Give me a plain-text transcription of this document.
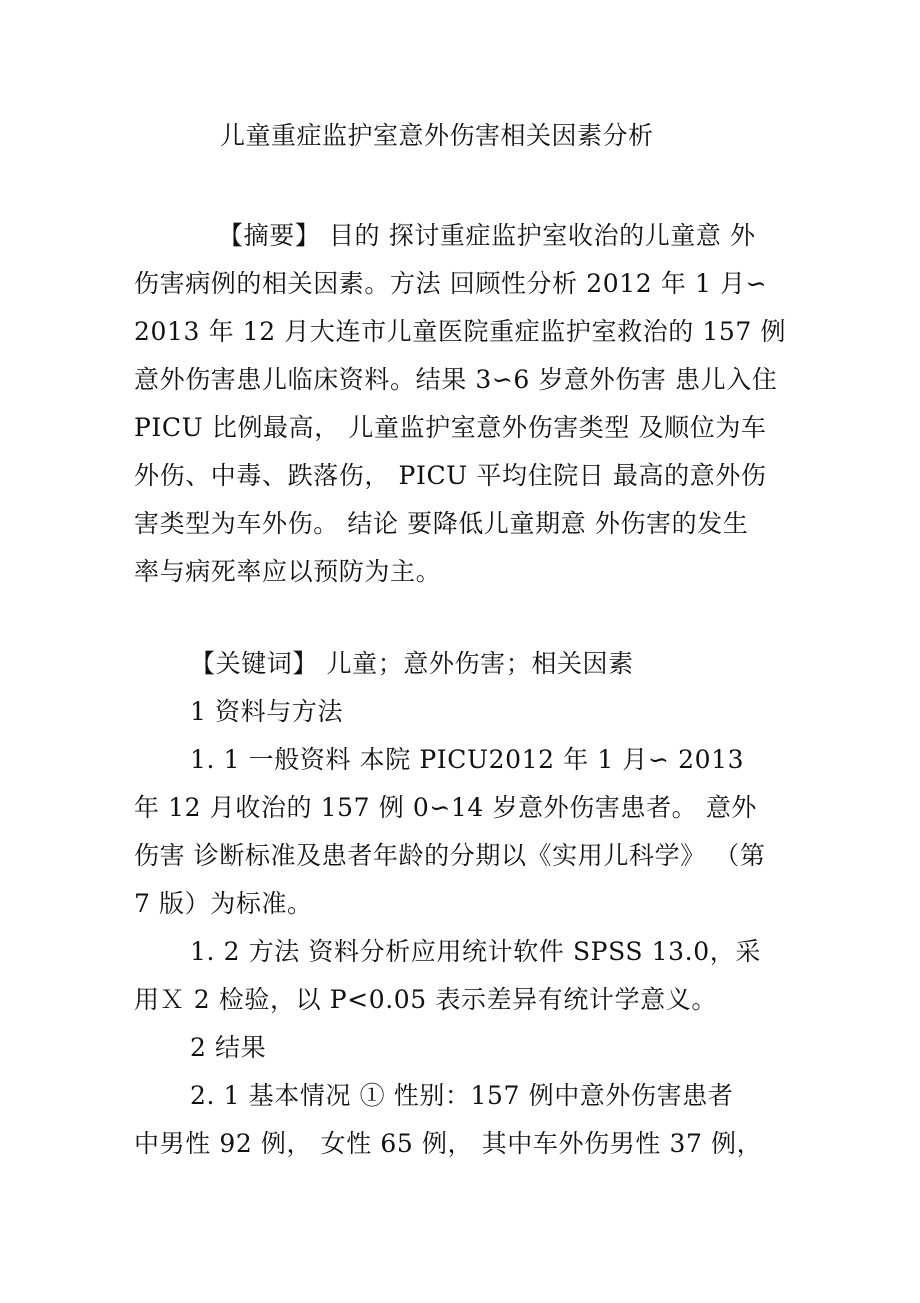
儿童重症监护室意外伤害相关因素分析
【摘要】 目的 探讨重症监护室收治的儿童意 外
伤害病例的相关因素。方法 回顾性分析 2012 年 1 月∽
2013 年 12 月大连市儿童医院重症监护室救治的 157 例
意外伤害患儿临床资料。结果 3∽6 岁意外伤害 患儿入住
PICU 比例最高， 儿童监护室意外伤害类型 及顺位为车
外伤、中毒、跌落伤， PICU 平均住院日 最高的意外伤
害类型为车外伤。 结论 要降低儿童期意 外伤害的发生
率与病死率应以预防为主。
【关键词】 儿童；意外伤害；相关因素
1 资料与方法
1. 1 一般资料 本院 PICU2012 年 1 月∽ 2013
年 12 月收治的 157 例 0∽14 岁意外伤害患者。 意外
伤害 诊断标准及患者年龄的分期以《实用儿科学》 （第
7 版）为标准。
1. 2 方法 资料分析应用统计软件 SPSS 13.0，采
用Ｘ 2 检验，以 P<0.05 表示差异有统计学意义。
2 结果
2. 1 基本情况 ① 性别：157 例中意外伤害患者
中男性 92 例， 女性 65 例， 其中车外伤男性 37 例，
